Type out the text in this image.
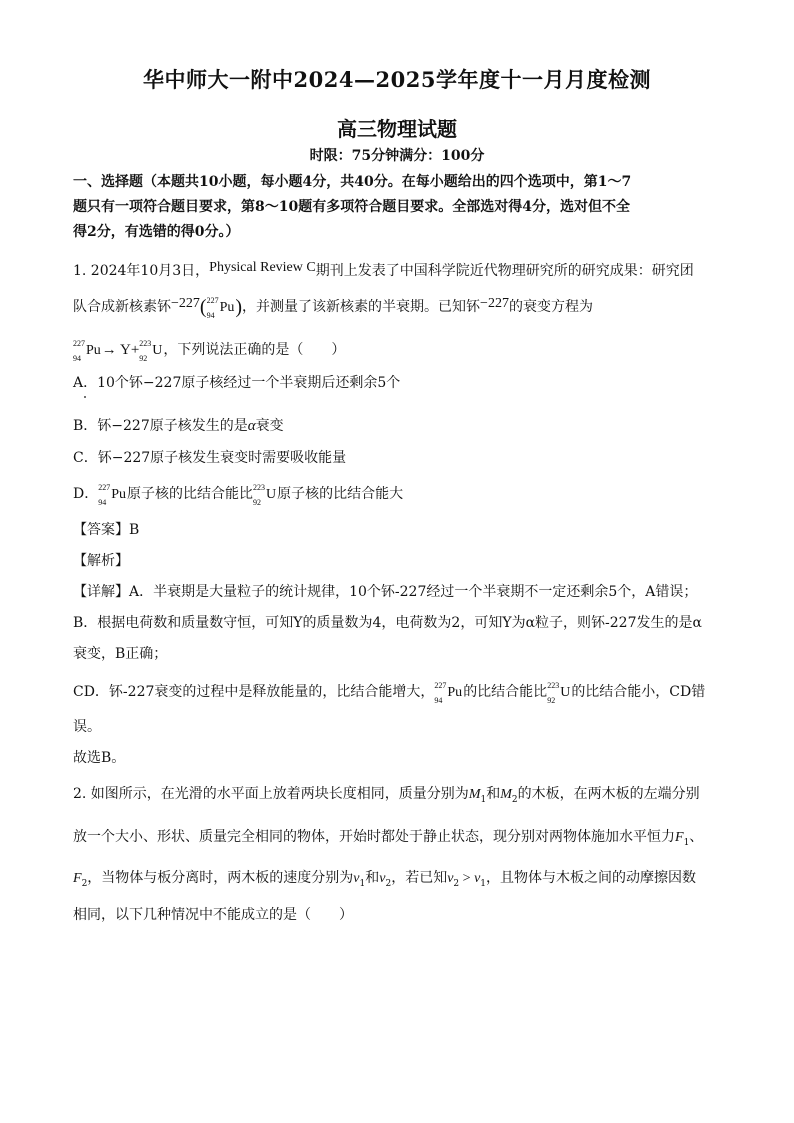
华中师大一附中2024—2025学年度十一月月度检测
高三物理试题
时限：75分钟满分：100分
一、选择题（本题共10小题，每小题4分，共40分。在每小题给出的四个选项中，第1～7
题只有一项符合题目要求，第8～10题有多项符合题目要求。全部选对得4分，选对但不全
得2分，有选错的得0分。）
1. 2024年10月3日，Physical Review C期刊上发表了中国科学院近代物理研究所的研究成果：研究团
队合成新核素钚−227( 227
94
Pu)，并测量了该新核素的半衰期。已知钚−227的衰变方程为
227
94
Pu→ Y+ 223
92
U，下列说法正确的是（　　）
A．10个钚−227原子核经过一个半衰期后还剩余5个
B．钚−227原子核发生的是α衰变
C．钚−227原子核发生衰变时需要吸收能量
D． 227
94
Pu原子核的比结合能比 223
92
U原子核的比结合能大
【答案】B
【解析】
【详解】A．半衰期是大量粒子的统计规律，10个钚-227经过一个半衰期不一定还剩余5个，A错误；
B．根据电荷数和质量数守恒，可知Y的质量数为4，电荷数为2，可知Y为α粒子，则钚-227发生的是α
衰变，B正确；
CD．钚-227衰变的过程中是释放能量的，比结合能增大， 227
94
Pu的比结合能比 223
92
U的比结合能小，CD错
误。
故选B。
2. 如图所示，在光滑的水平面上放着两块长度相同，质量分别为$M_1$和$M_2$的木板，在两木板的左端分别
放一个大小、形状、质量完全相同的物体，开始时都处于静止状态，现分别对两物体施加水平恒力$F_1$、
$F_2$，当物体与板分离时，两木板的速度分别为$v_1$和$v_2$，若已知$v_2 > v_1$，且物体与木板之间的动摩擦因数
相同，以下几种情况中不能成立的是（　　）
